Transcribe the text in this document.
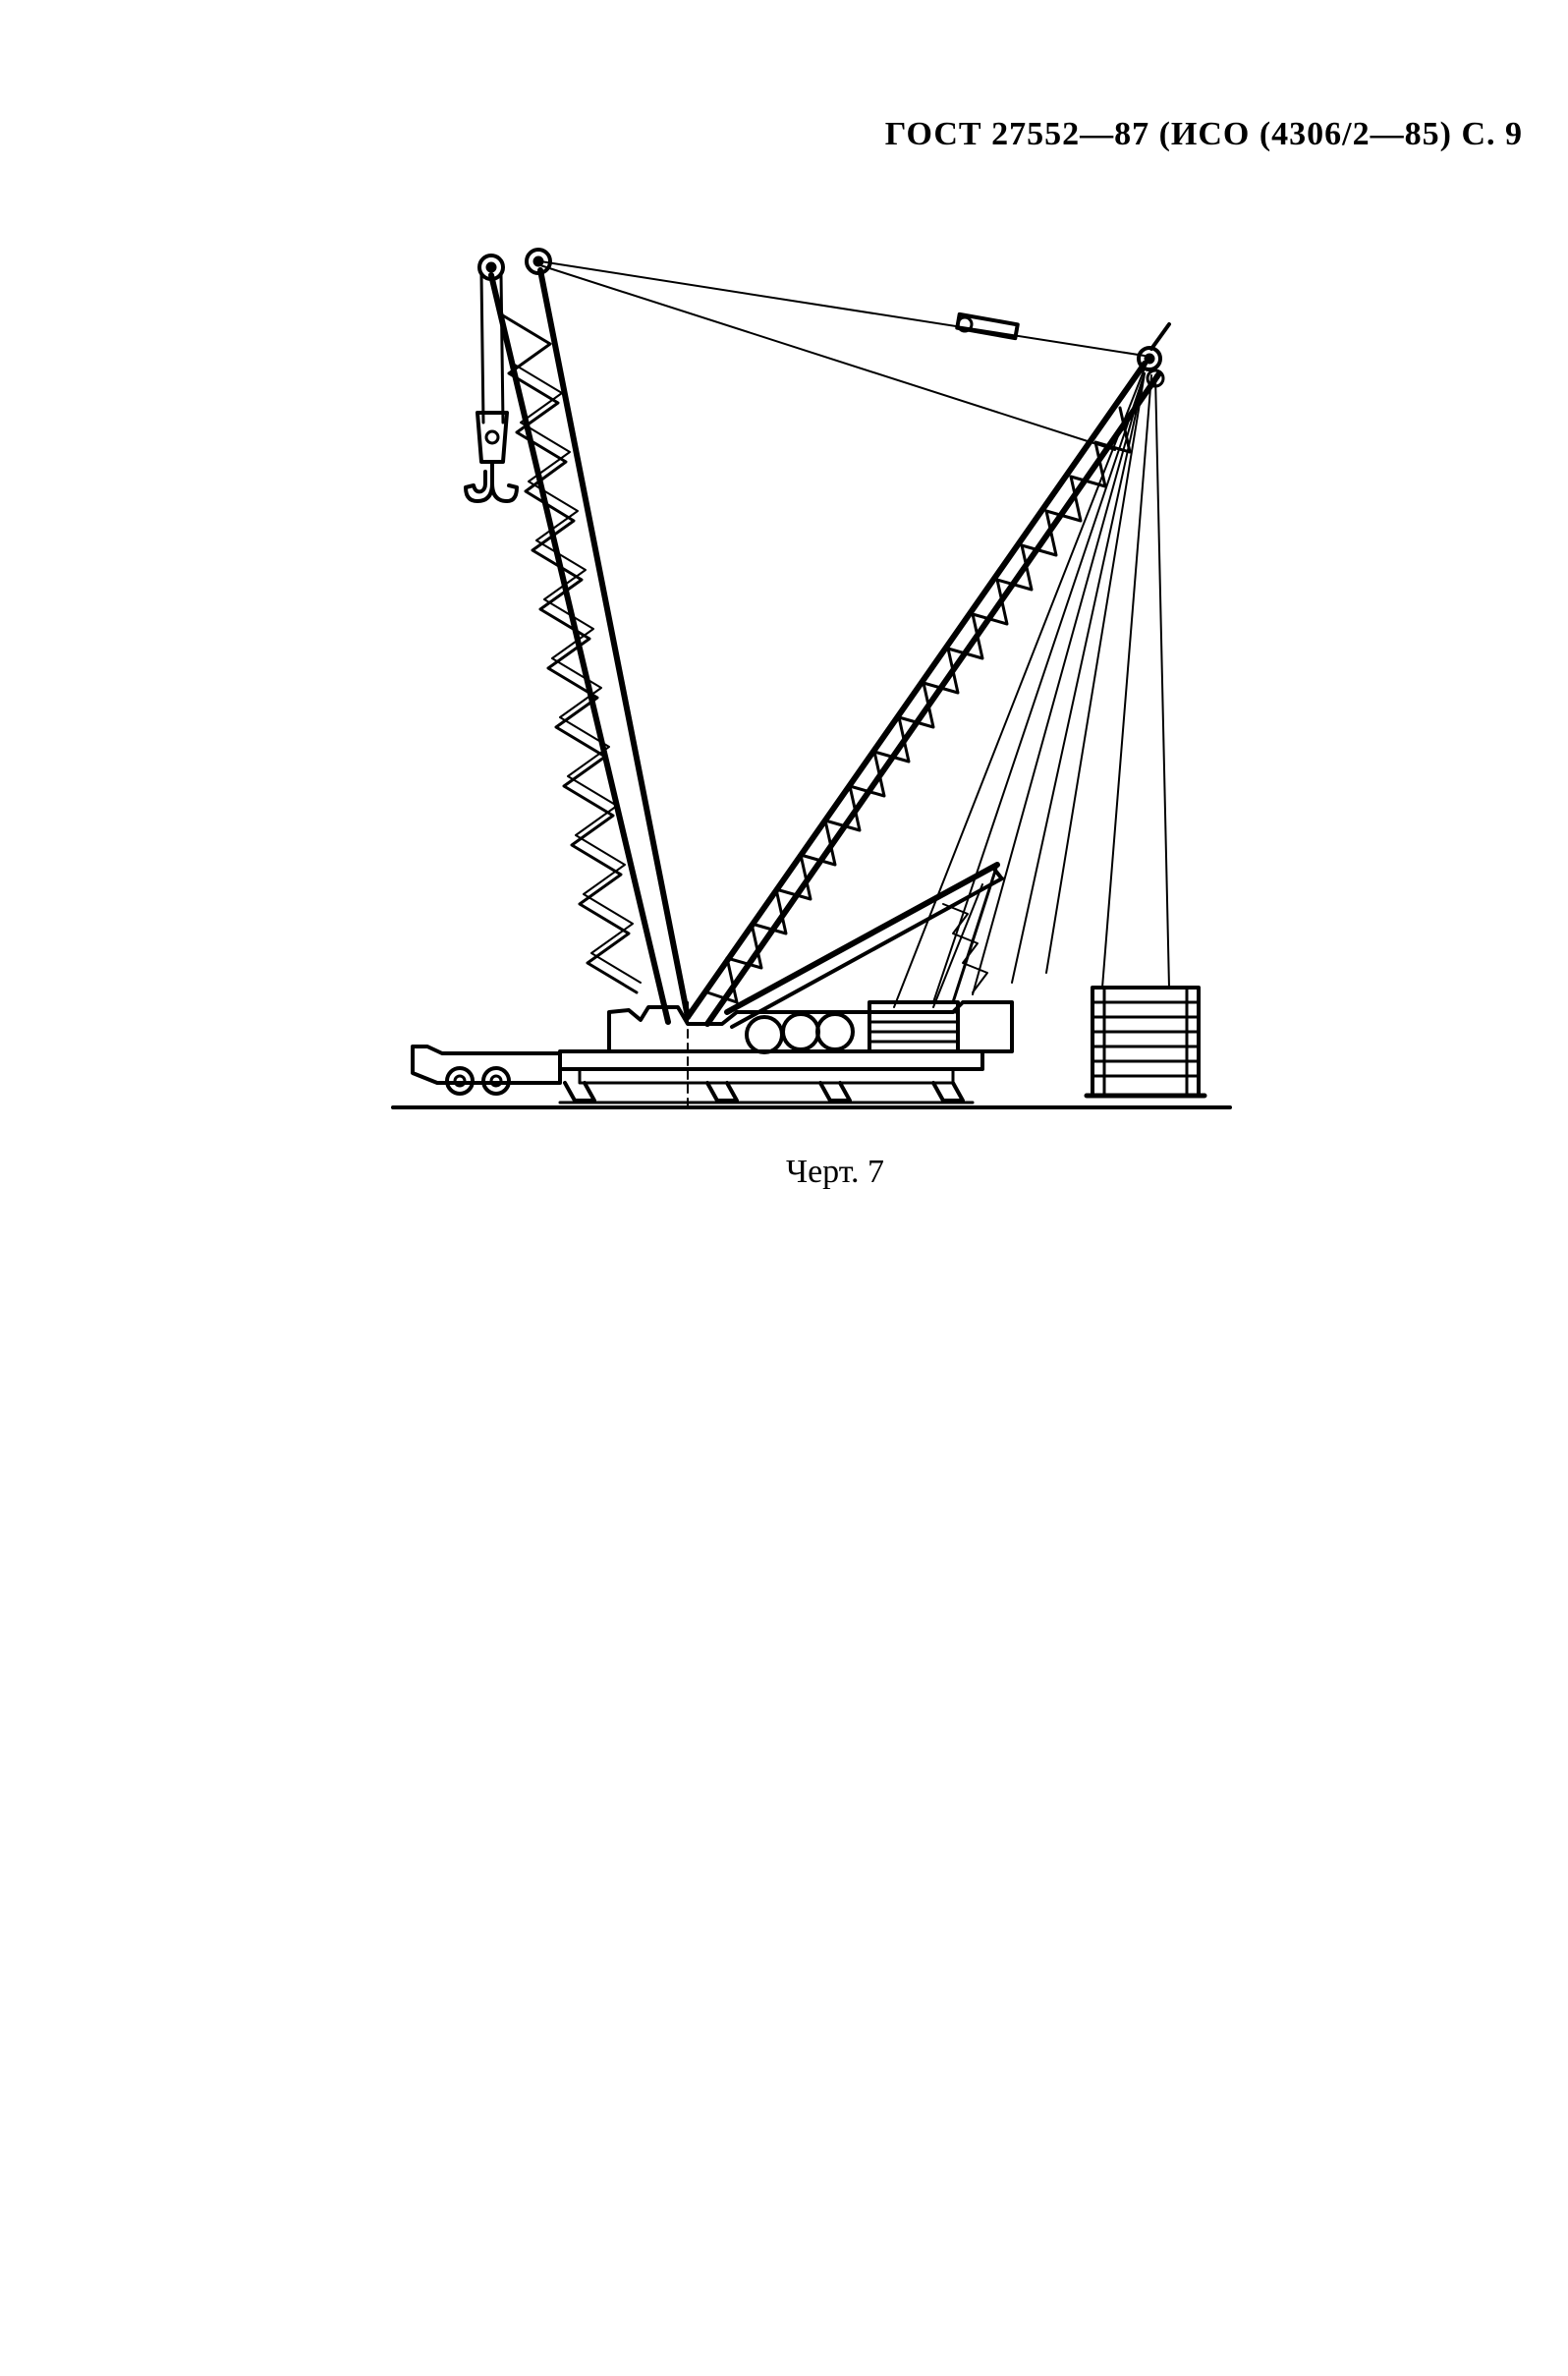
ГОСТ 27552—87 (ИСО (4306/2—85) С. 9
Черт. 7
